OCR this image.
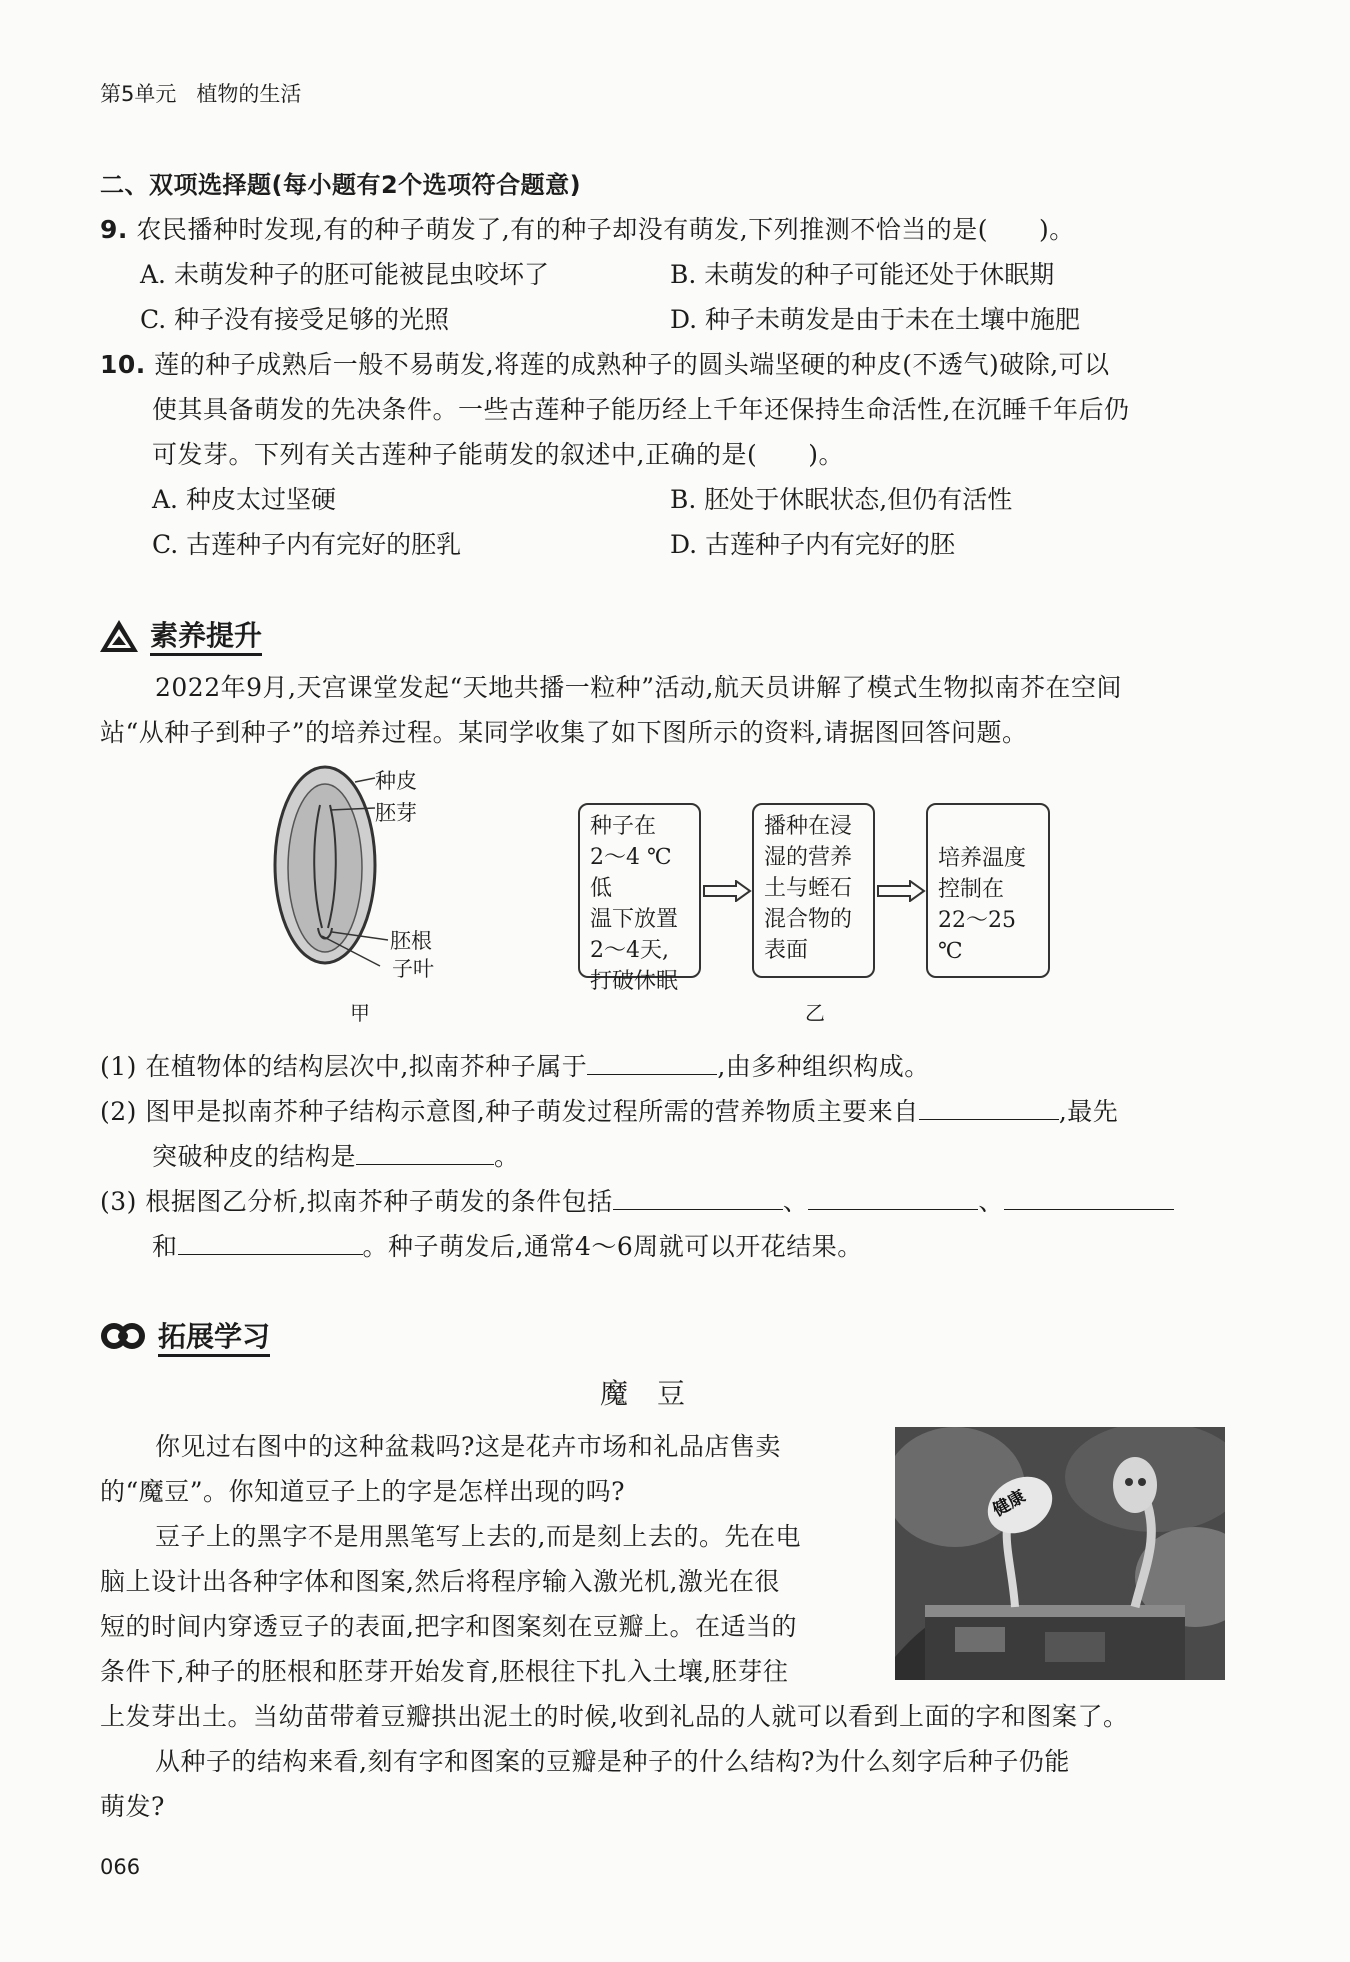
第5单元 植物的生活
二、双项选择题(每小题有2个选项符合题意)
9. 农民播种时发现,有的种子萌发了,有的种子却没有萌发,下列推测不恰当的是(　　)。
A. 未萌发种子的胚可能被昆虫咬坏了	B. 未萌发的种子可能还处于休眠期
C. 种子没有接受足够的光照	D. 种子未萌发是由于未在土壤中施肥
10. 莲的种子成熟后一般不易萌发,将莲的成熟种子的圆头端坚硬的种皮(不透气)破除,可以
使其具备萌发的先决条件。一些古莲种子能历经上千年还保持生命活性,在沉睡千年后仍
可发芽。下列有关古莲种子能萌发的叙述中,正确的是(　　)。
A. 种皮太过坚硬	B. 胚处于休眠状态,但仍有活性
C. 古莲种子内有完好的胚乳	D. 古莲种子内有完好的胚
素养提升
2022年9月,天宫课堂发起“天地共播一粒种”活动,航天员讲解了模式生物拟南芥在空间
站“从种子到种子”的培养过程。某同学收集了如下图所示的资料,请据图回答问题。
种皮
胚芽
胚根
子叶
甲
种子在
2～4 ℃低
温下放置
2～4天,
打破休眠
播种在浸
湿的营养
土与蛭石
混合物的
表面
培养温度
控制在
22～25 ℃
乙
(1) 在植物体的结构层次中,拟南芥种子属于	,由多种组织构成。
(2) 图甲是拟南芥种子结构示意图,种子萌发过程所需的营养物质主要来自	,最先
突破种皮的结构是	。
(3) 根据图乙分析,拟南芥种子萌发的条件包括	、	、
和	。种子萌发后,通常4～6周就可以开花结果。
拓展学习
魔　豆
你见过右图中的这种盆栽吗?这是花卉市场和礼品店售卖
的“魔豆”。你知道豆子上的字是怎样出现的吗?
豆子上的黑字不是用黑笔写上去的,而是刻上去的。先在电
脑上设计出各种字体和图案,然后将程序输入激光机,激光在很
短的时间内穿透豆子的表面,把字和图案刻在豆瓣上。在适当的
条件下,种子的胚根和胚芽开始发育,胚根往下扎入土壤,胚芽往
上发芽出土。当幼苗带着豆瓣拱出泥土的时候,收到礼品的人就可以看到上面的字和图案了。
从种子的结构来看,刻有字和图案的豆瓣是种子的什么结构?为什么刻字后种子仍能
萌发?
健康
066
